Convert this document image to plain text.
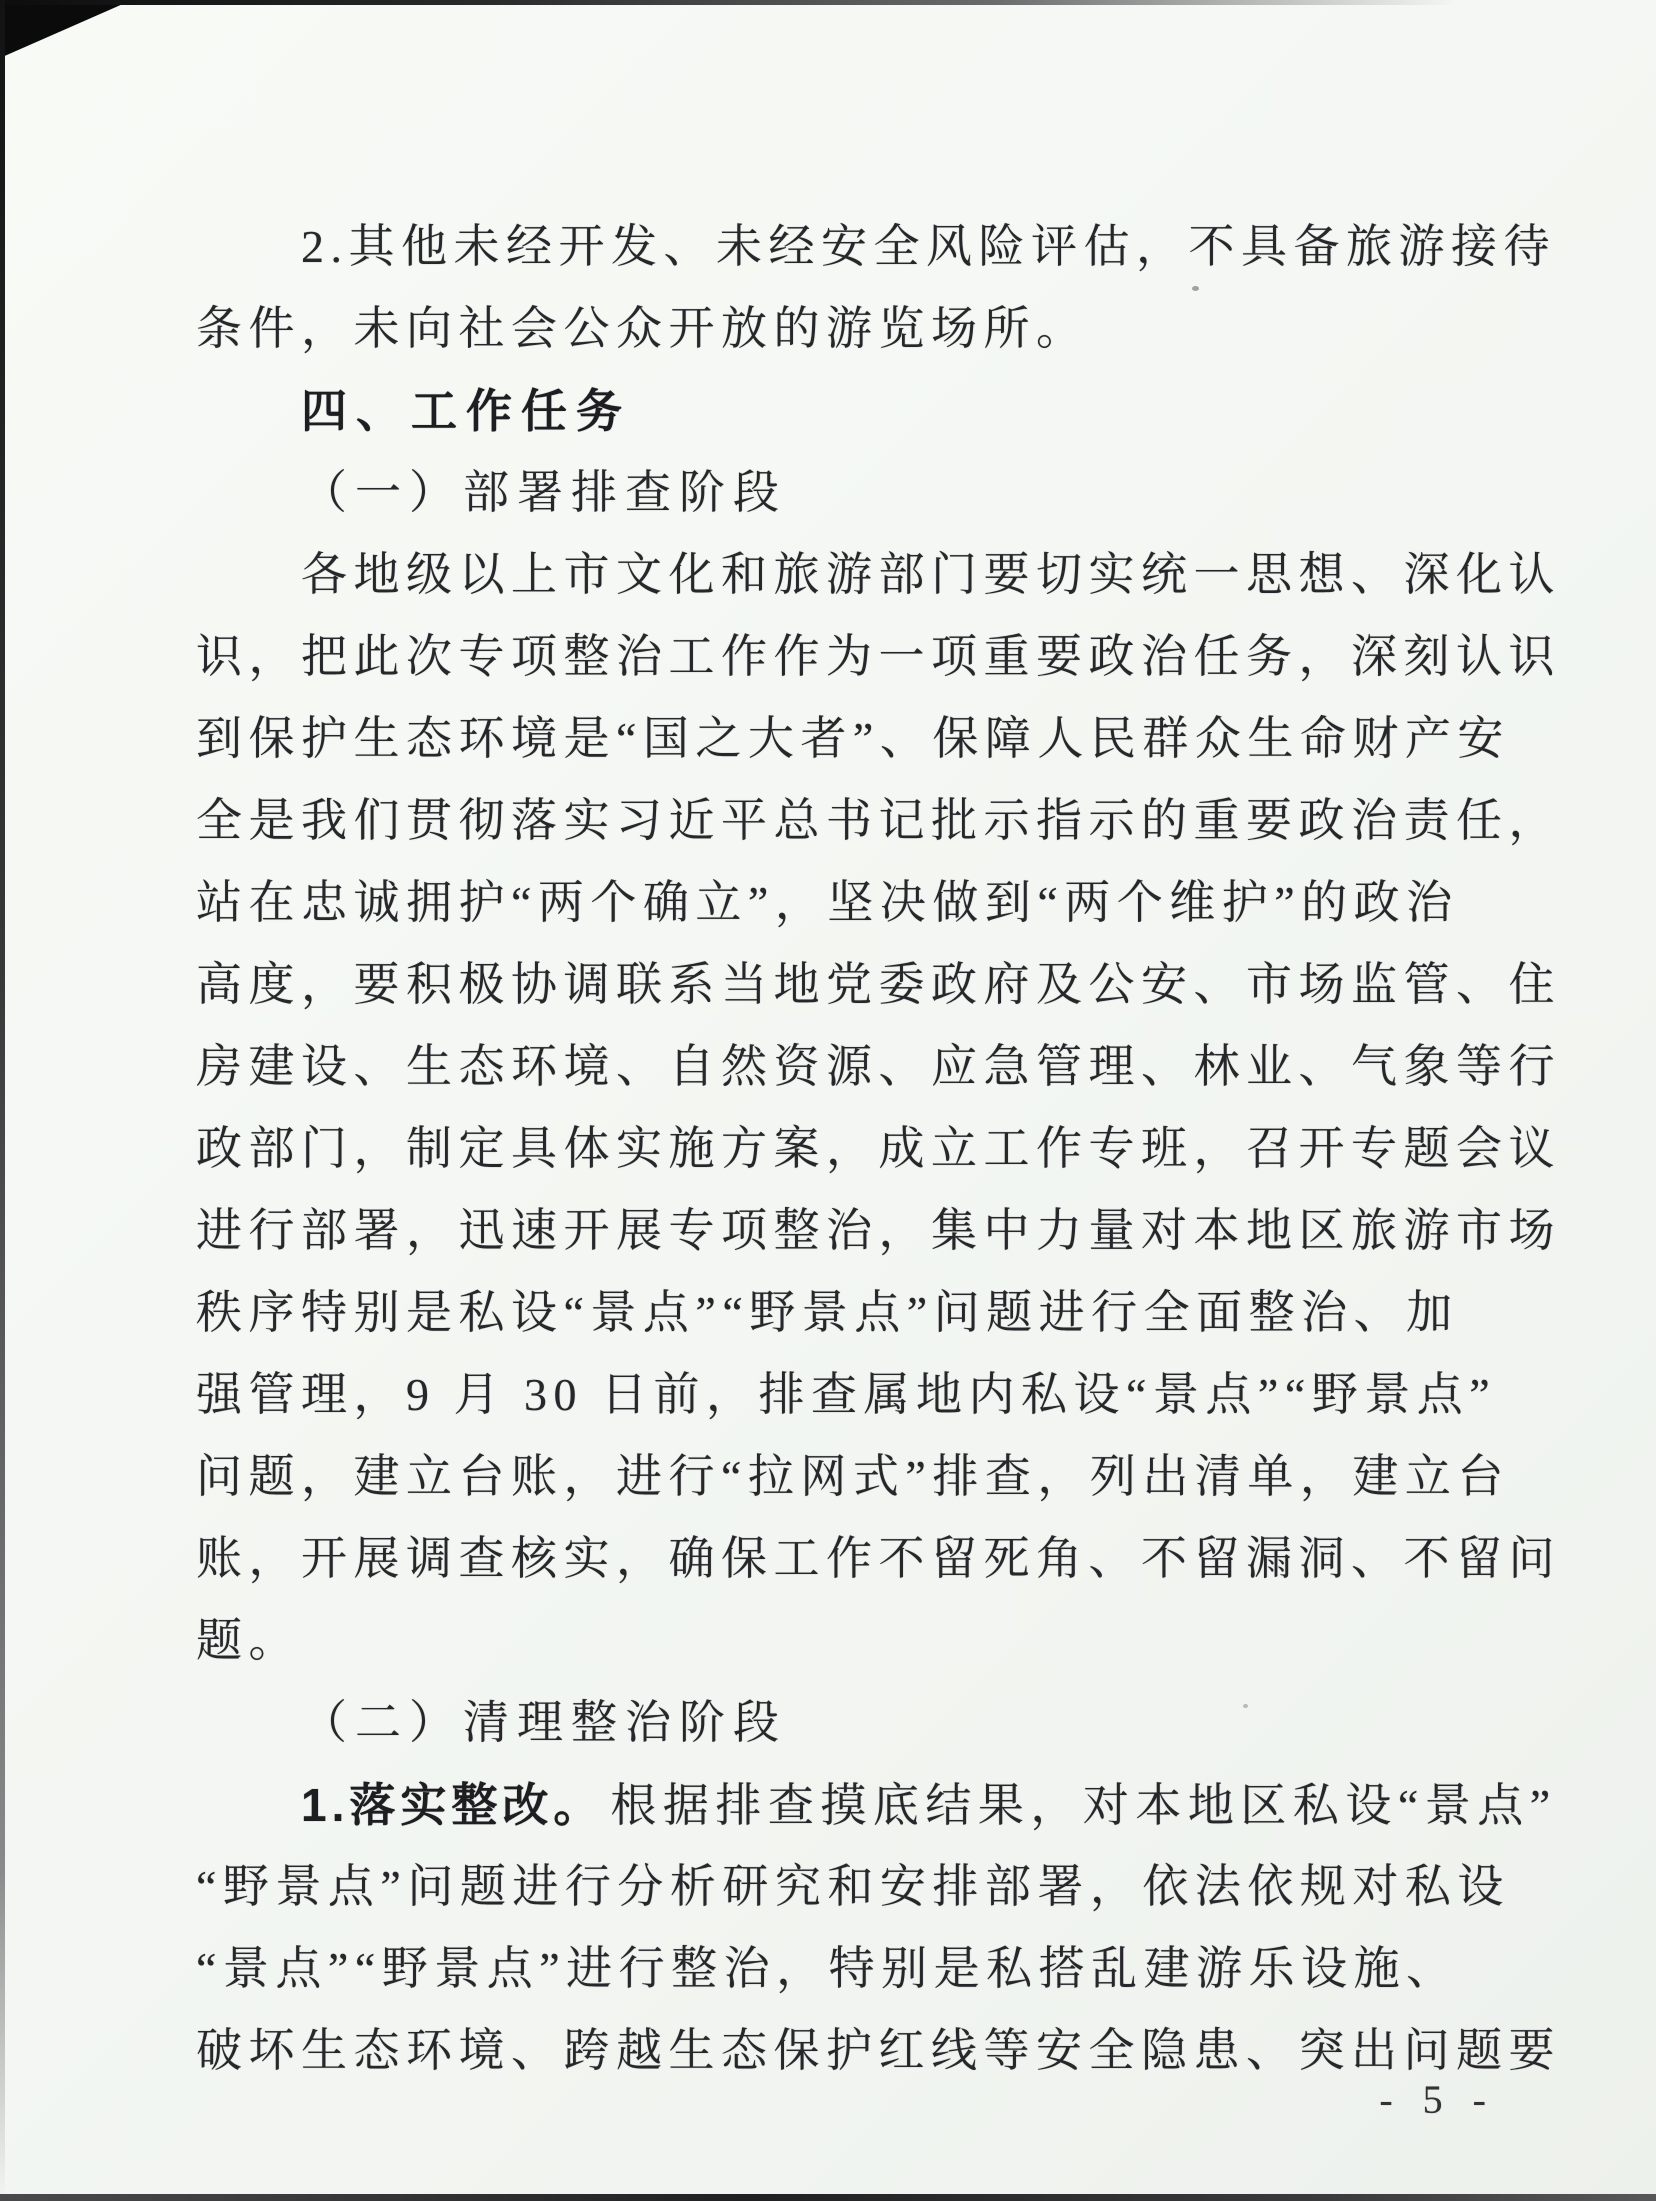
2.其他未经开发、未经安全风险评估，不具备旅游接待
条件，未向社会公众开放的游览场所。
四、工作任务
（一）部署排查阶段
各地级以上市文化和旅游部门要切实统一思想、深化认
识，把此次专项整治工作作为一项重要政治任务，深刻认识
到保护生态环境是“国之大者”、保障人民群众生命财产安
全是我们贯彻落实习近平总书记批示指示的重要政治责任，
站在忠诚拥护“两个确立”，坚决做到“两个维护”的政治
高度，要积极协调联系当地党委政府及公安、市场监管、住
房建设、生态环境、自然资源、应急管理、林业、气象等行
政部门，制定具体实施方案，成立工作专班，召开专题会议
进行部署，迅速开展专项整治，集中力量对本地区旅游市场
秩序特别是私设“景点”“野景点”问题进行全面整治、加
强管理，9 月 30 日前，排查属地内私设“景点”“野景点”
问题，建立台账，进行“拉网式”排查，列出清单，建立台
账，开展调查核实，确保工作不留死角、不留漏洞、不留问
题。
（二）清理整治阶段
1.落实整改。 根据排查摸底结果，对本地区私设“景点”
“野景点”问题进行分析研究和安排部署，依法依规对私设
“景点”“野景点”进行整治，特别是私搭乱建游乐设施、
破坏生态环境、跨越生态保护红线等安全隐患、突出问题要
- 5 -
